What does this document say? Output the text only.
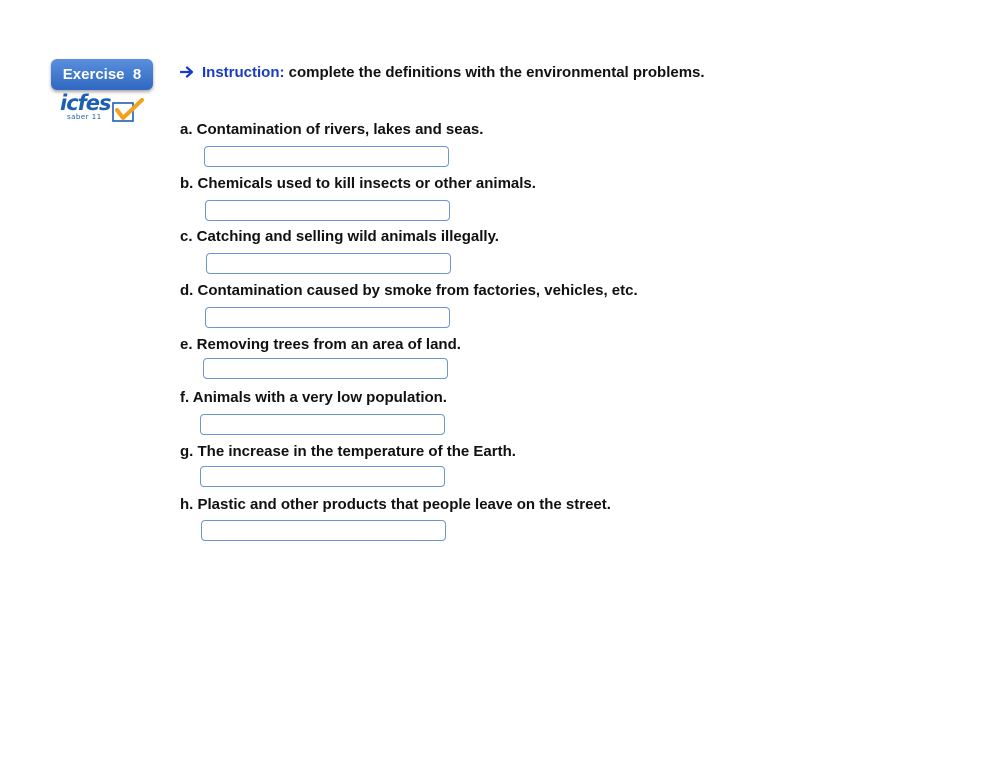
Exercise  8
icfes
saber 11
Instruction: complete the definitions with the environmental problems.
a. Contamination of rivers, lakes and seas.
b. Chemicals used to kill insects or other animals.
c. Catching and selling wild animals illegally.
d. Contamination caused by smoke from factories, vehicles, etc.
e. Removing trees from an area of land.
f. Animals with a very low population.
g. The increase in the temperature of the Earth.
h. Plastic and other products that people leave on the street.
